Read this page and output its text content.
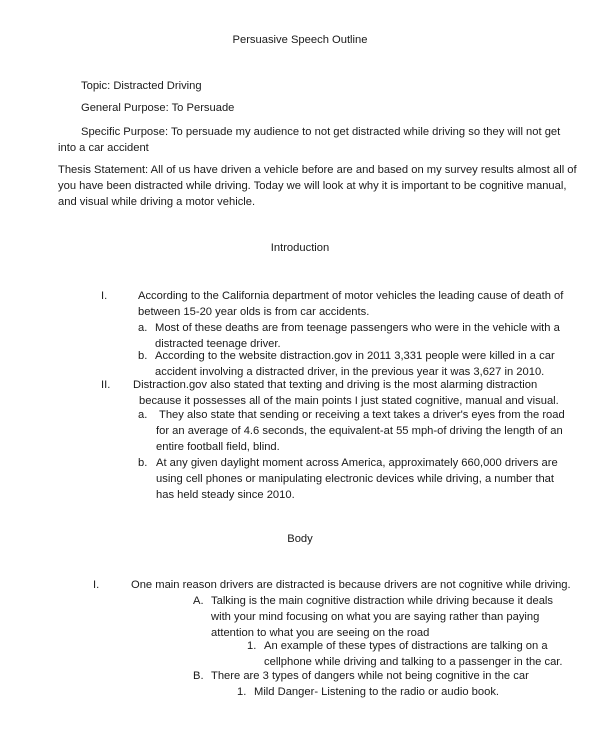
Persuasive Speech Outline
Topic: Distracted Driving
General Purpose: To Persuade
Specific Purpose: To persuade my audience to not get distracted while driving so they will not get
into a car accident
Thesis Statement: All of us have driven a vehicle before are and based on my survey results almost all of
you have been distracted while driving. Today we will look at why it is important to be cognitive manual,
and visual while driving a motor vehicle.
Introduction
I.	According to the California department of motor vehicles the leading cause of death of
between 15-20 year olds is from car accidents.
a. Most of these deaths are from teenage passengers who were in the vehicle with a
distracted teenage driver.
b. According to the website distraction.gov in 2011 3,331 people were killed in a car
accident involving a distracted driver, in the previous year it was 3,627 in 2010.
II. Distraction.gov also stated that texting and driving is the most alarming distraction
because it possesses all of the main points I just stated cognitive, manual and visual.
a. They also state that sending or receiving a text takes a driver's eyes from the road
for an average of 4.6 seconds, the equivalent-at 55 mph-of driving the length of an
entire football field, blind.
b. At any given daylight moment across America, approximately 660,000 drivers are
using cell phones or manipulating electronic devices while driving, a number that
has held steady since 2010.
Body
I.	One main reason drivers are distracted is because drivers are not cognitive while driving.
A. Talking is the main cognitive distraction while driving because it deals
with your mind focusing on what you are saying rather than paying
attention to what you are seeing on the road
1. An example of these types of distractions are talking on a
cellphone while driving and talking to a passenger in the car.
B. There are 3 types of dangers while not being cognitive in the car
1. Mild Danger- Listening to the radio or audio book.
